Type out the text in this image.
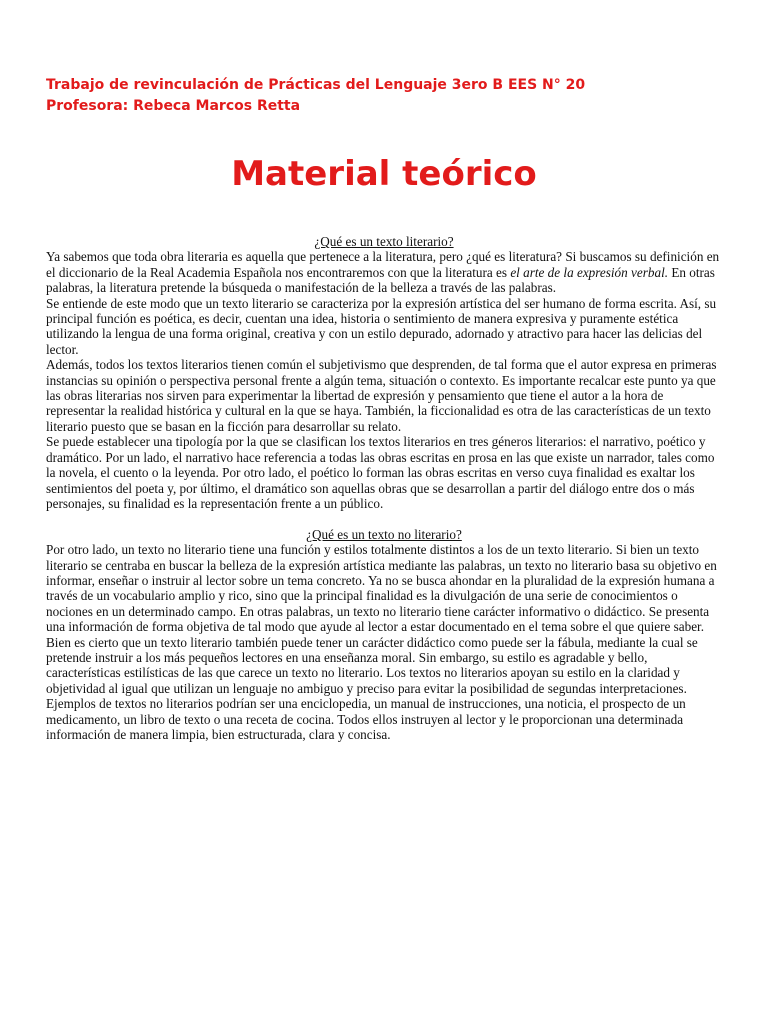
Trabajo de revinculación de Prácticas del Lenguaje 3ero B EES N° 20
Profesora: Rebeca Marcos Retta
Material teórico

¿Qué es un texto literario?

Ya sabemos que toda obra literaria es aquella que pertenece a la literatura, pero ¿qué es literatura? Si buscamos su definición en el diccionario de la Real Academia Española nos encontraremos con que la literatura es el arte de la expresión verbal. En otras palabras, la literatura pretende la búsqueda o manifestación de la belleza a través de las palabras.

Se entiende de este modo que un texto literario se caracteriza por la expresión artística del ser humano de forma escrita. Así, su principal función es poética, es decir, cuentan una idea, historia o sentimiento de manera expresiva y puramente estética utilizando la lengua de una forma original, creativa y con un estilo depurado, adornado y atractivo para hacer las delicias del lector.

Además, todos los textos literarios tienen común el subjetivismo que desprenden, de tal forma que el autor expresa en primeras instancias su opinión o perspectiva personal frente a algún tema, situación o contexto. Es importante recalcar este punto ya que las obras literarias nos sirven para experimentar la libertad de expresión y pensamiento que tiene el autor a la hora de representar la realidad histórica y cultural en la que se haya. También, la ficcionalidad es otra de las características de un texto literario puesto que se basan en la ficción para desarrollar su relato.

Se puede establecer una tipología por la que se clasifican los textos literarios en tres géneros literarios: el narrativo, poético y dramático. Por un lado, el narrativo hace referencia a todas las obras escritas en prosa en las que existe un narrador, tales como la novela, el cuento o la leyenda. Por otro lado, el poético lo forman las obras escritas en verso cuya finalidad es exaltar los sentimientos del poeta y, por último, el dramático son aquellas obras que se desarrollan a partir del diálogo entre dos o más personajes, su finalidad es la representación frente a un público.

¿Qué es un texto no literario?

Por otro lado, un texto no literario tiene una función y estilos totalmente distintos a los de un texto literario. Si bien un texto literario se centraba en buscar la belleza de la expresión artística mediante las palabras, un texto no literario basa su objetivo en informar, enseñar o instruir al lector sobre un tema concreto. Ya no se busca ahondar en la pluralidad de la expresión humana a través de un vocabulario amplio y rico, sino que la principal finalidad es la divulgación de una serie de conocimientos o nociones en un determinado campo. En otras palabras, un texto no literario tiene carácter informativo o didáctico. Se presenta una información de forma objetiva de tal modo que ayude al lector a estar documentado en el tema sobre el que quiere saber.

Bien es cierto que un texto literario también puede tener un carácter didáctico como puede ser la fábula, mediante la cual se pretende instruir a los más pequeños lectores en una enseñanza moral. Sin embargo, su estilo es agradable y bello, características estilísticas de las que carece un texto no literario. Los textos no literarios apoyan su estilo en la claridad y objetividad al igual que utilizan un lenguaje no ambiguo y preciso para evitar la posibilidad de segundas interpretaciones.

Ejemplos de textos no literarios podrían ser una enciclopedia, un manual de instrucciones, una noticia, el prospecto de un medicamento, un libro de texto o una receta de cocina. Todos ellos instruyen al lector y le proporcionan una determinada información de manera limpia, bien estructurada, clara y concisa.
